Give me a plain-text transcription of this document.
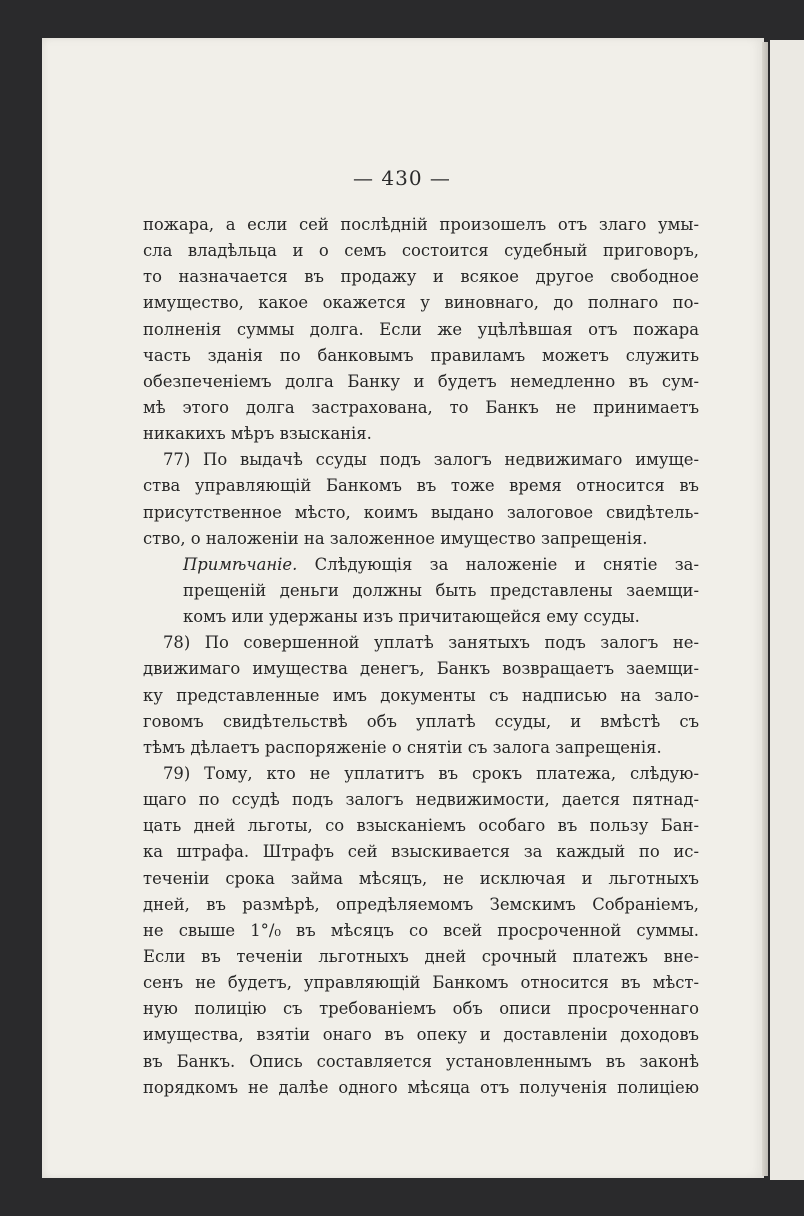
— 430 —
пожара, а если сей послѣдній произошелъ отъ злаго умы-
сла владѣльца и о семъ состоится судебный приговоръ,
то назначается въ продажу и всякое другое свободное
имущество, какое окажется у виновнаго, до полнаго по-
полненія суммы долга. Если же уцѣлѣвшая отъ пожара
часть зданія по банковымъ правиламъ можетъ служить
обезпеченіемъ долга Банку и будетъ немедленно въ сум-
мѣ этого долга застрахована, то Банкъ не принимаетъ
никакихъ мѣръ взысканія.
77) По выдачѣ ссуды подъ залогъ недвижимаго имуще-
ства управляющій Банкомъ въ тоже время относится въ
присутственное мѣсто, коимъ выдано залоговое свидѣтель-
ство, о наложеніи на заложенное имущество запрещенія.
Примѣчаніе. Слѣдующія за наложеніе и снятіе за-
прещеній деньги должны быть представлены заемщи-
комъ или удержаны изъ причитающейся ему ссуды.
78) По совершенной уплатѣ занятыхъ подъ залогъ не-
движимаго имущества денегъ, Банкъ возвращаетъ заемщи-
ку представленные имъ документы съ надписью на зало-
говомъ свидѣтельствѣ объ уплатѣ ссуды, и вмѣстѣ съ
тѣмъ дѣлаетъ распоряженіе о снятіи съ залога запрещенія.
79) Тому, кто не уплатитъ въ срокъ платежа, слѣдую-
щаго по ссудѣ подъ залогъ недвижимости, дается пятнад-
цать дней льготы, со взысканіемъ особаго въ пользу Бан-
ка штрафа. Штрафъ сей взыскивается за каждый по ис-
теченіи срока займа мѣсяцъ, не исключая и льготныхъ
дней, въ размѣрѣ, опредѣляемомъ Земскимъ Собраніемъ,
не свыше 1°/₀ въ мѣсяцъ со всей просроченной суммы.
Если въ теченіи льготныхъ дней срочный платежъ вне-
сенъ не будетъ, управляющій Банкомъ относится въ мѣст-
ную полицію съ требованіемъ объ описи просроченнаго
имущества, взятіи онаго въ опеку и доставленіи доходовъ
въ Банкъ. Опись составляется установленнымъ въ законѣ
порядкомъ не далѣе одного мѣсяца отъ полученія полиціею
